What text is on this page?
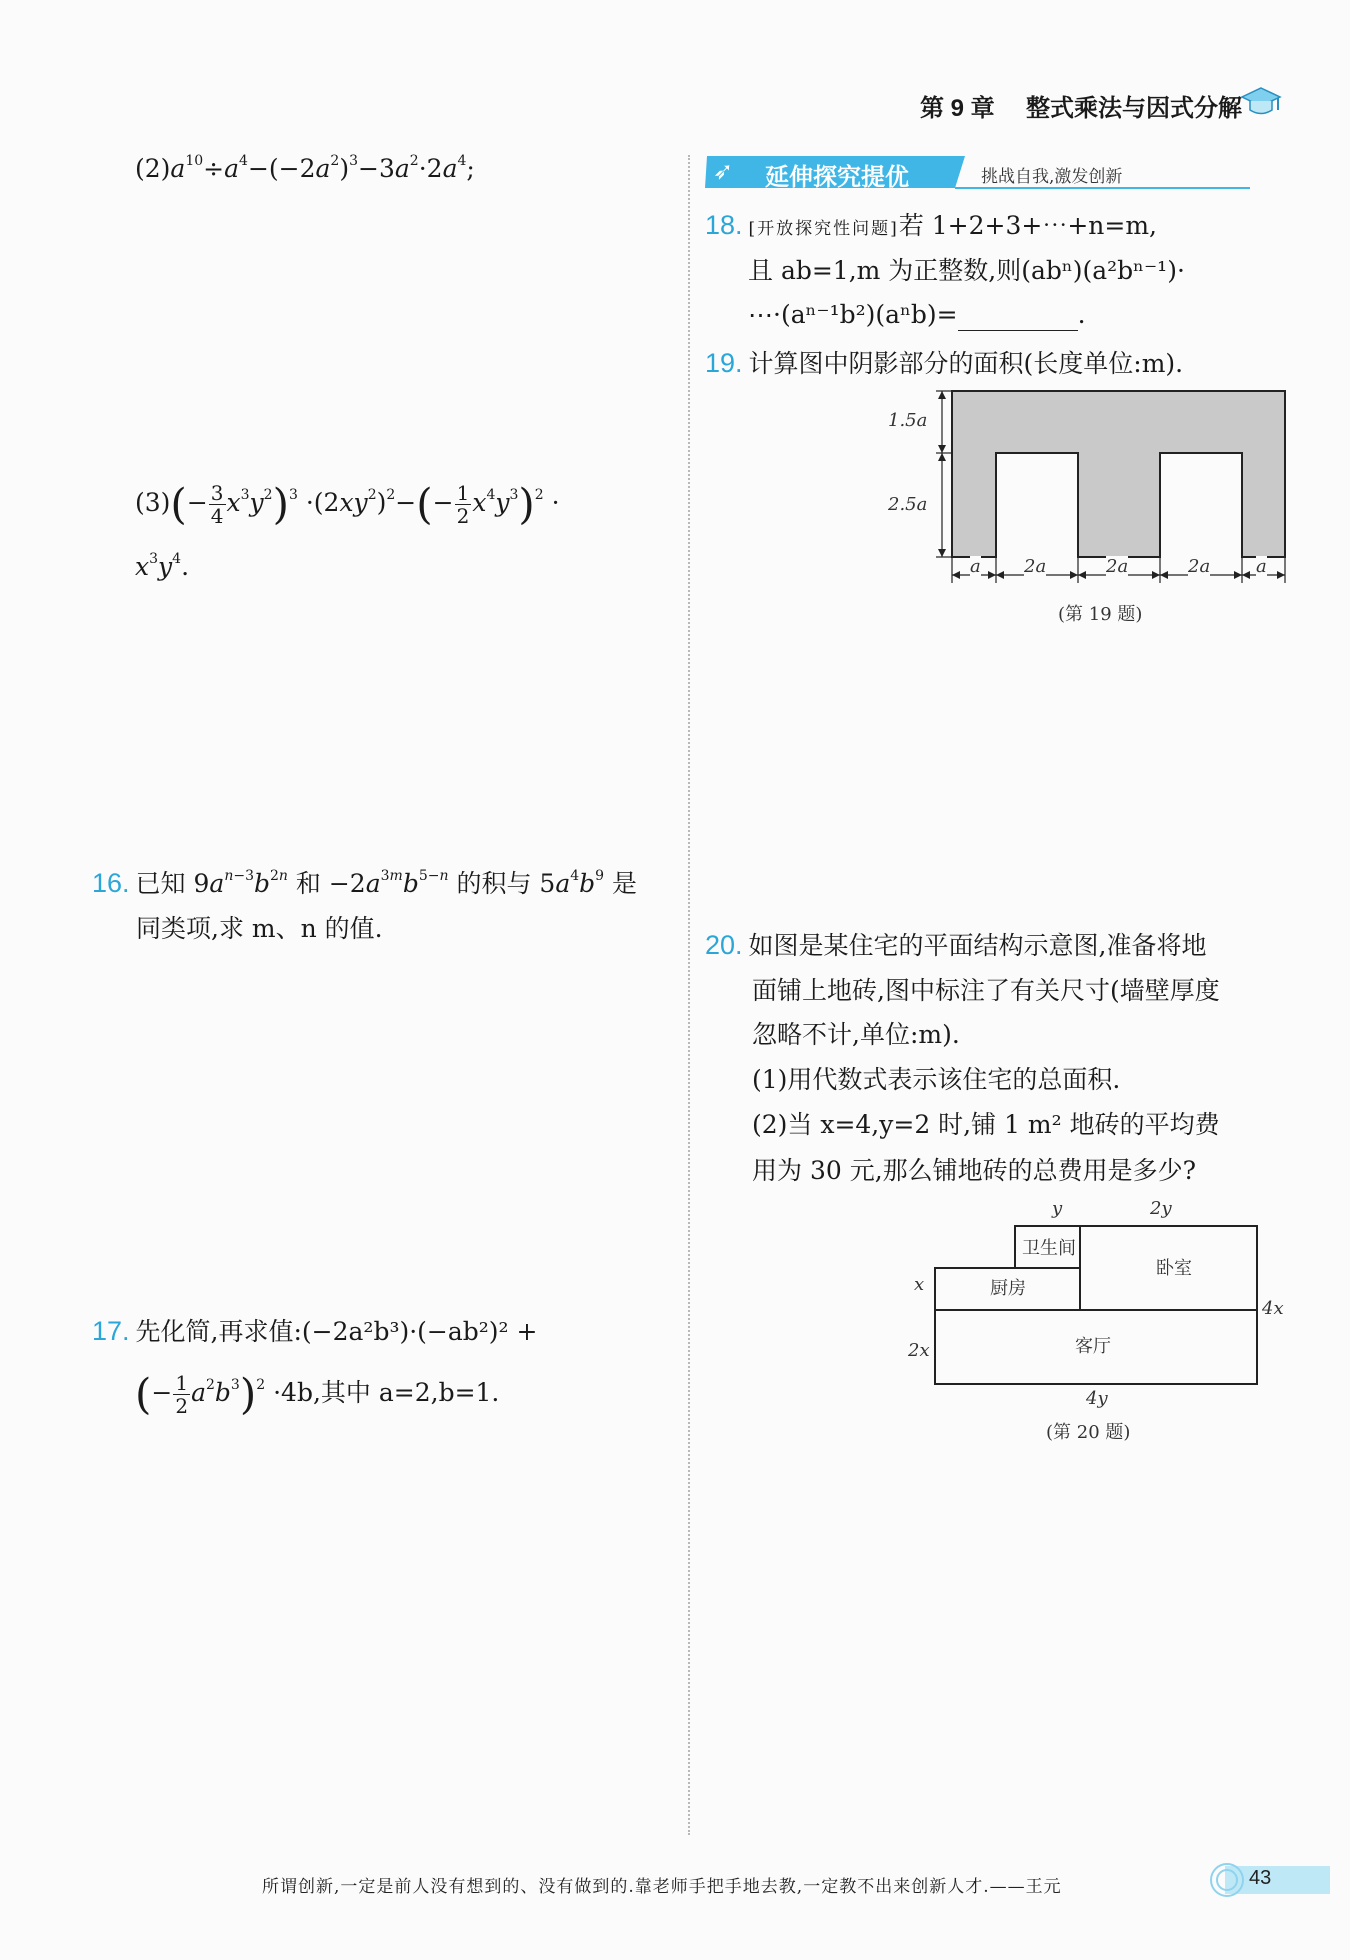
第 9 章 整式乘法与因式分解
$(2)a^{10}\div a^4-(-2a^2)^3-3a^2\cdot 2a^4$;
$(3)(- \frac{3}{4} x^3y^2)^3 \cdot(2xy^2)^2-(- \frac{1}{2} x^4y^3)^2$ ·
$x^3y^4$.
16. 已知 $9a^{n-3}b^{2n}$ 和 $-2a^{3m}b^{5-n}$ 的积与 $5a^4b^9$ 是
同类项,求 m、n 的值.
17. 先化简,再求值:(−2a²b³)·(−ab²)² +
(− $\frac{1}{2} a^2b^3)^2 \cdot 4b$,其中 a=2,b=1.
➶ 延伸探究提优	挑战自我,激发创新
18. [开放探究性问题]若 1+2+3+⋯+n=m,
且 ab=1,m 为正整数,则(abⁿ)(a²bⁿ⁻¹)·
⋯·(aⁿ⁻¹b²)(aⁿb)=	.
19. 计算图中阴影部分的面积(长度单位:m).
1.5a
2.5a
a 2a	2a	2a	a
(第 19 题)
20. 如图是某住宅的平面结构示意图,准备将地
面铺上地砖,图中标注了有关尺寸(墙壁厚度
忽略不计,单位:m).
(1)用代数式表示该住宅的总面积.
(2)当 x=4,y=2 时,铺 1 m² 地砖的平均费
用为 30 元,那么铺地砖的总费用是多少?
y	2y
卫生间
卧室
x	厨房
4x
2x	客厅
4y
(第 20 题)
所谓创新,一定是前人没有想到的、没有做到的.靠老师手把手地去教,一定教不出来创新人才.——王元	43
